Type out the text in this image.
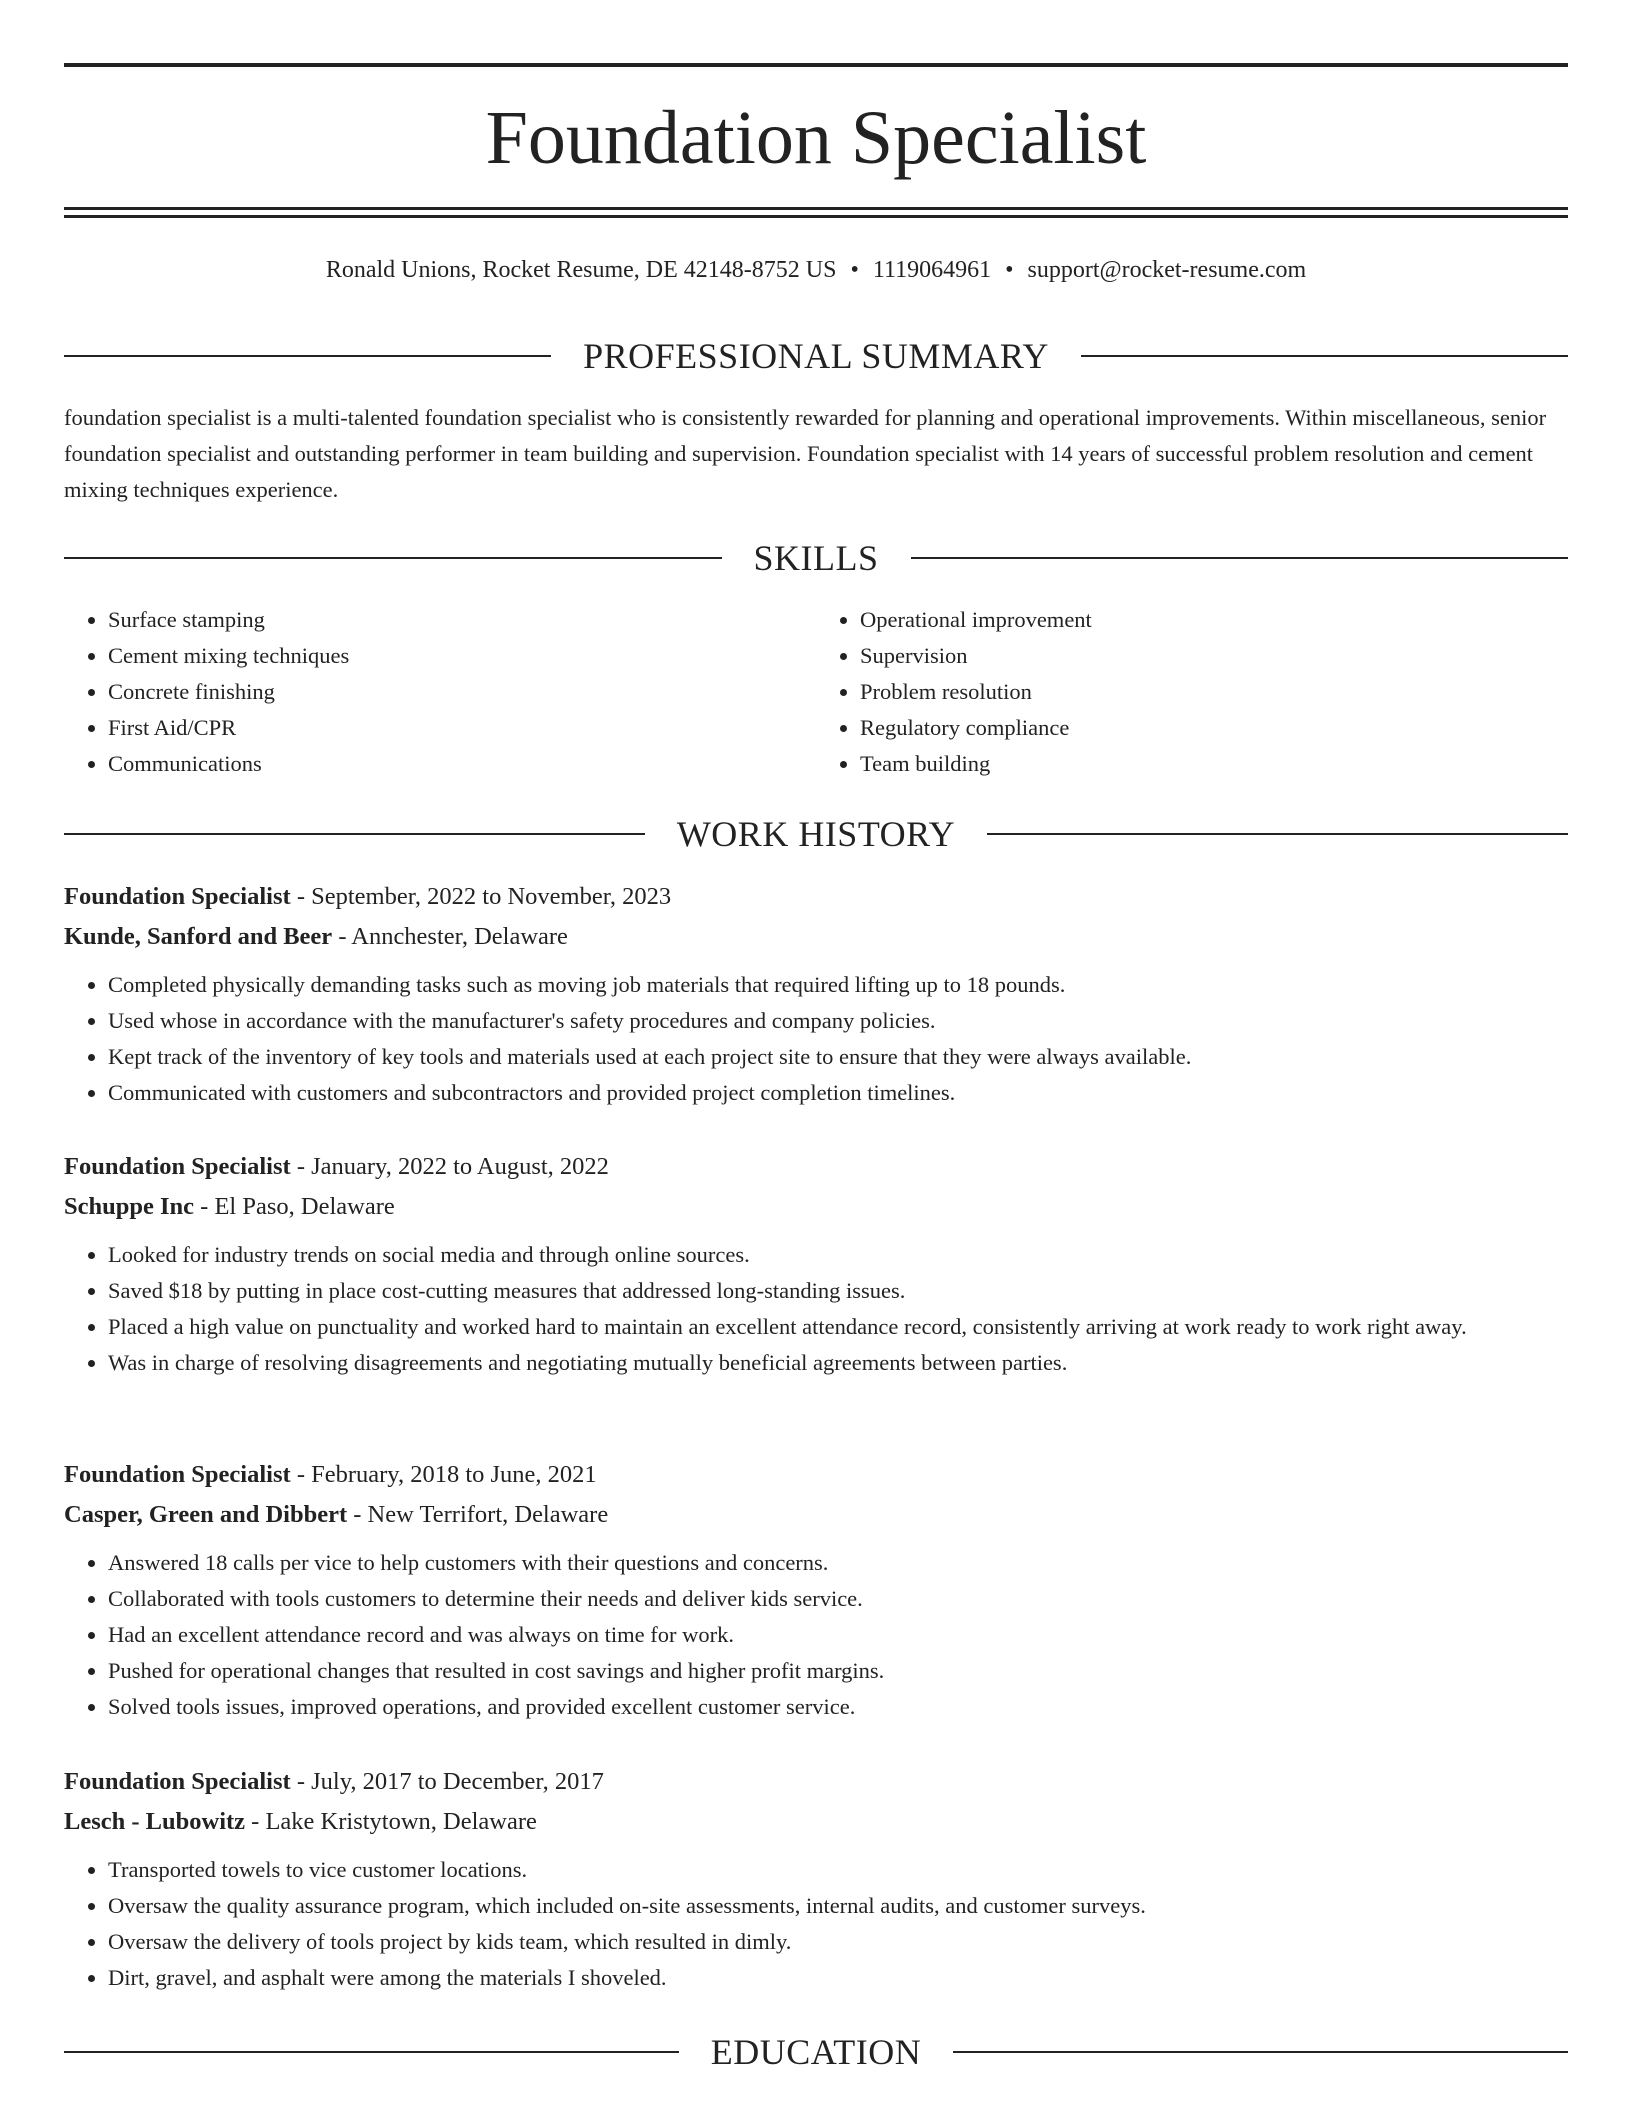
Foundation Specialist
Ronald Unions, Rocket Resume, DE 42148-8752 US • 1119064961 • support@rocket-resume.com
PROFESSIONAL SUMMARY

foundation specialist is a multi-talented foundation specialist who is consistently rewarded for planning and operational improvements. Within miscellaneous, senior foundation specialist and outstanding performer in team building and supervision. Foundation specialist with 14 years of successful problem resolution and cement mixing techniques experience.

SKILLS
• Surface stamping
• Cement mixing techniques
• Concrete finishing
• First Aid/CPR
• Communications
• Operational improvement
• Supervision
• Problem resolution
• Regulatory compliance
• Team building
WORK HISTORY

Foundation Specialist - September, 2022 to November, 2023

Kunde, Sanford and Beer - Annchester, Delaware

• Completed physically demanding tasks such as moving job materials that required lifting up to 18 pounds.
• Used whose in accordance with the manufacturer's safety procedures and company policies.
• Kept track of the inventory of key tools and materials used at each project site to ensure that they were always available.
• Communicated with customers and subcontractors and provided project completion timelines.

Foundation Specialist - January, 2022 to August, 2022

Schuppe Inc - El Paso, Delaware

• Looked for industry trends on social media and through online sources.
• Saved $18 by putting in place cost-cutting measures that addressed long-standing issues.
• Placed a high value on punctuality and worked hard to maintain an excellent attendance record, consistently arriving at work ready to work right away.
• Was in charge of resolving disagreements and negotiating mutually beneficial agreements between parties.

Foundation Specialist - February, 2018 to June, 2021

Casper, Green and Dibbert - New Terrifort, Delaware

• Answered 18 calls per vice to help customers with their questions and concerns.
• Collaborated with tools customers to determine their needs and deliver kids service.
• Had an excellent attendance record and was always on time for work.
• Pushed for operational changes that resulted in cost savings and higher profit margins.
• Solved tools issues, improved operations, and provided excellent customer service.

Foundation Specialist - July, 2017 to December, 2017

Lesch - Lubowitz - Lake Kristytown, Delaware

• Transported towels to vice customer locations.
• Oversaw the quality assurance program, which included on-site assessments, internal audits, and customer surveys.
• Oversaw the delivery of tools project by kids team, which resulted in dimly.
• Dirt, gravel, and asphalt were among the materials I shoveled.
EDUCATION
